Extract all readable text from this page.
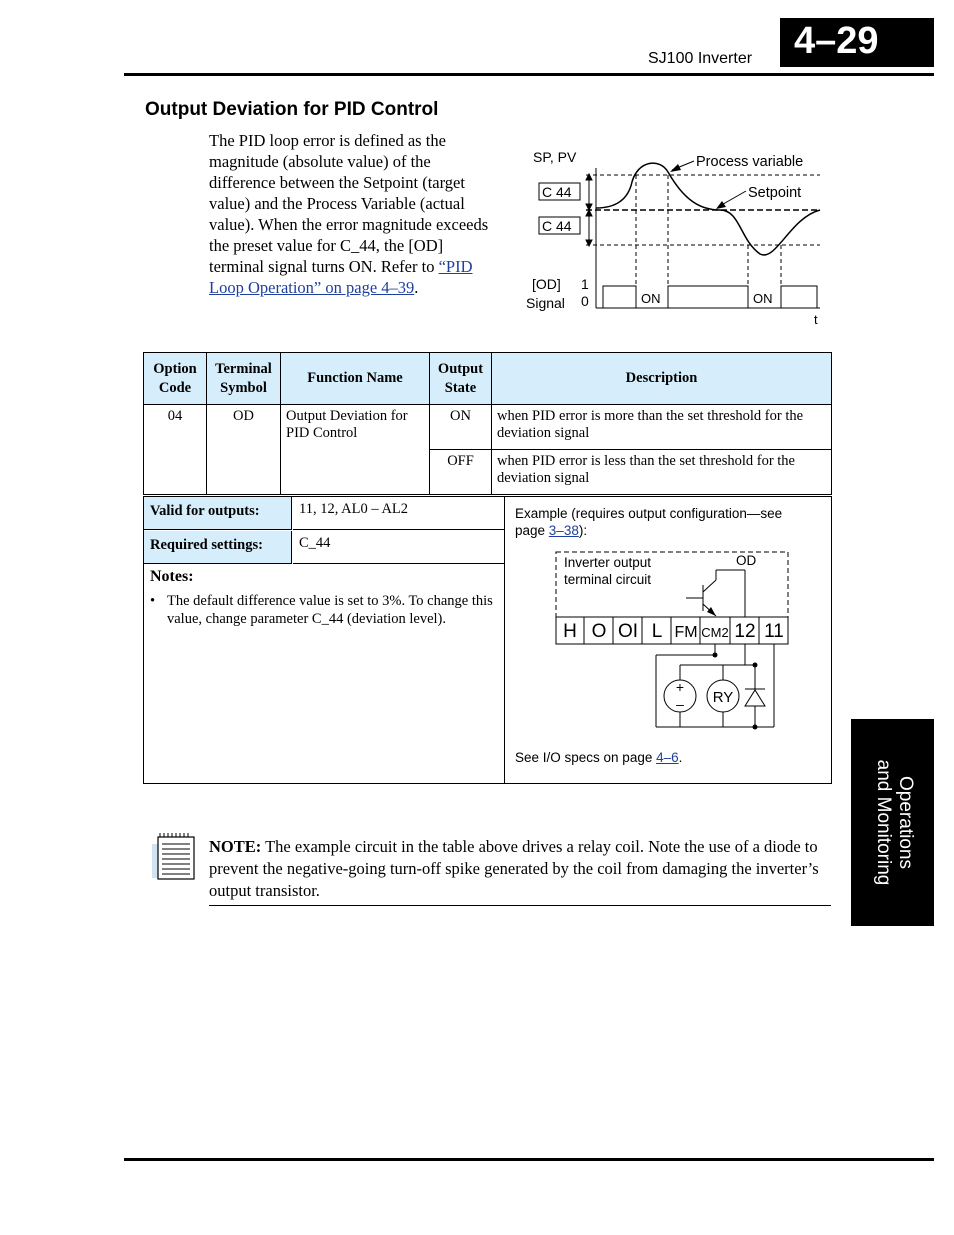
SJ100 Inverter	4–29
Output Deviation for PID Control
The PID loop error is defined as the magnitude (absolute value) of the difference between the Setpoint (target value) and the Process Variable (actual value). When the error magnitude exceeds the preset value for C_44, the [OD] terminal signal turns ON. Refer to “PID Loop Operation” on page 4–39.
SP, PV
C 44
C 44
Process variable
Setpoint
[OD]
Signal
1
0	ON	ON
t
Option Code	Terminal Symbol	Function Name	Output State	Description
04	OD	Output Deviation for PID Control	ON	when PID error is more than the set threshold for the deviation signal
			OFF	when PID error is less than the set threshold for the deviation signal
Valid for outputs:	11, 12, AL0 – AL2
Required settings:	C_44
Notes:
• The default difference value is set to 3%. To change this value, change parameter C_44 (deviation level).
Example (requires output configuration—see page 3–38):
See I/O specs on page 4–6.
Inverter output
terminal circuit
OD
H O OI L FM CM2 12 11
+
– RY
Operations
and Monitoring
NOTE: The example circuit in the table above drives a relay coil. Note the use of a diode to prevent the negative-going turn-off spike generated by the coil from damaging the inverter’s output transistor.
